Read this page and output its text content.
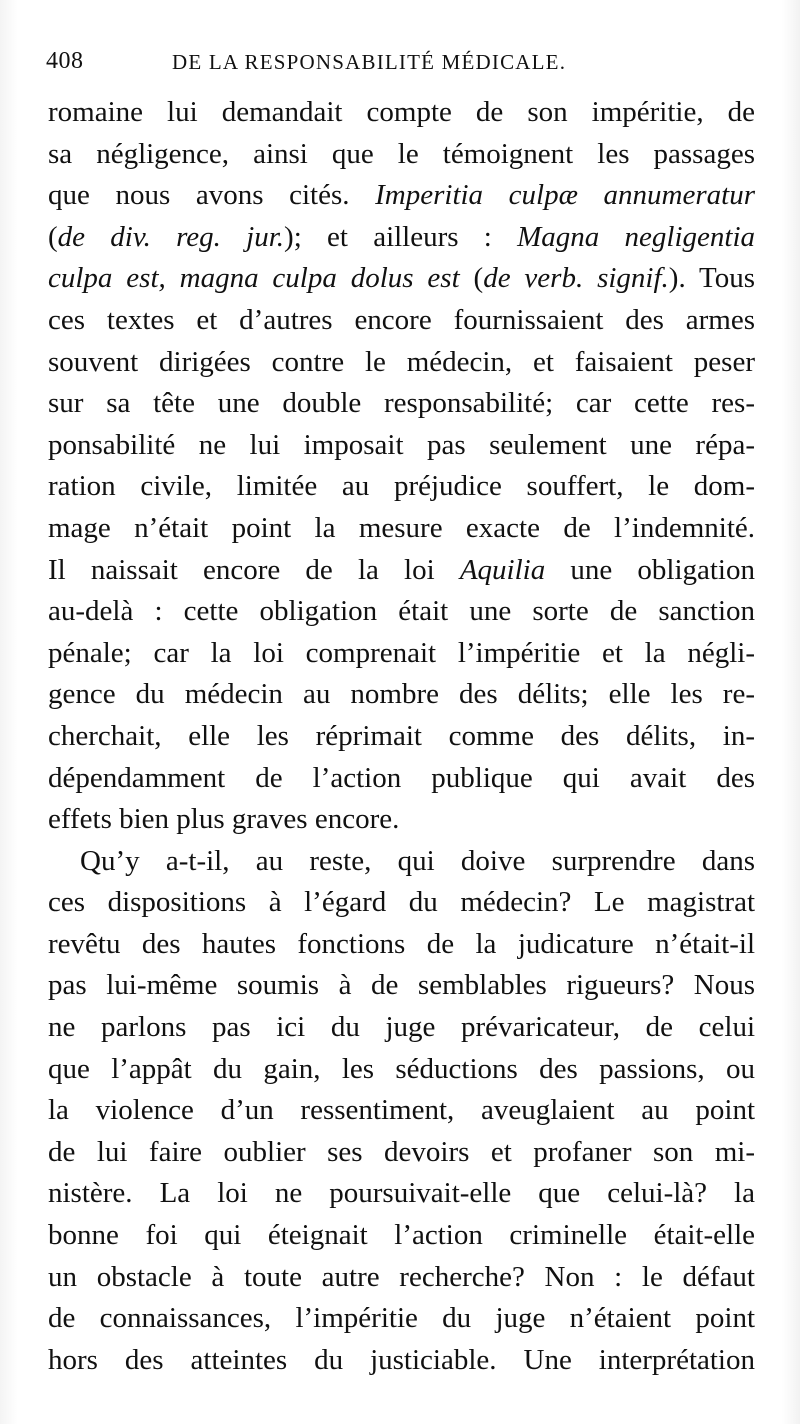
408	DE LA RESPONSABILITÉ MÉDICALE.
romaine lui demandait compte de son impéritie, de
sa négligence, ainsi que le témoignent les passages
que nous avons cités. Imperitia culpæ annumeratur
(de div. reg. jur.); et ailleurs : Magna negligentia
culpa est, magna culpa dolus est (de verb. signif.). Tous
ces textes et d’autres encore fournissaient des armes
souvent dirigées contre le médecin, et faisaient peser
sur sa tête une double responsabilité; car cette res-
ponsabilité ne lui imposait pas seulement une répa-
ration civile, limitée au préjudice souffert, le dom-
mage n’était point la mesure exacte de l’indemnité.
Il naissait encore de la loi Aquilia une obligation
au-delà : cette obligation était une sorte de sanction
pénale; car la loi comprenait l’impéritie et la négli-
gence du médecin au nombre des délits; elle les re-
cherchait, elle les réprimait comme des délits, in-
dépendamment de l’action publique qui avait des
effets bien plus graves encore.
Qu’y a-t-il, au reste, qui doive surprendre dans
ces dispositions à l’égard du médecin? Le magistrat
revêtu des hautes fonctions de la judicature n’était-il
pas lui-même soumis à de semblables rigueurs? Nous
ne parlons pas ici du juge prévaricateur, de celui
que l’appât du gain, les séductions des passions, ou
la violence d’un ressentiment, aveuglaient au point
de lui faire oublier ses devoirs et profaner son mi-
nistère. La loi ne poursuivait-elle que celui-là? la
bonne foi qui éteignait l’action criminelle était-elle
un obstacle à toute autre recherche? Non : le défaut
de connaissances, l’impéritie du juge n’étaient point
hors des atteintes du justiciable. Une interprétation
